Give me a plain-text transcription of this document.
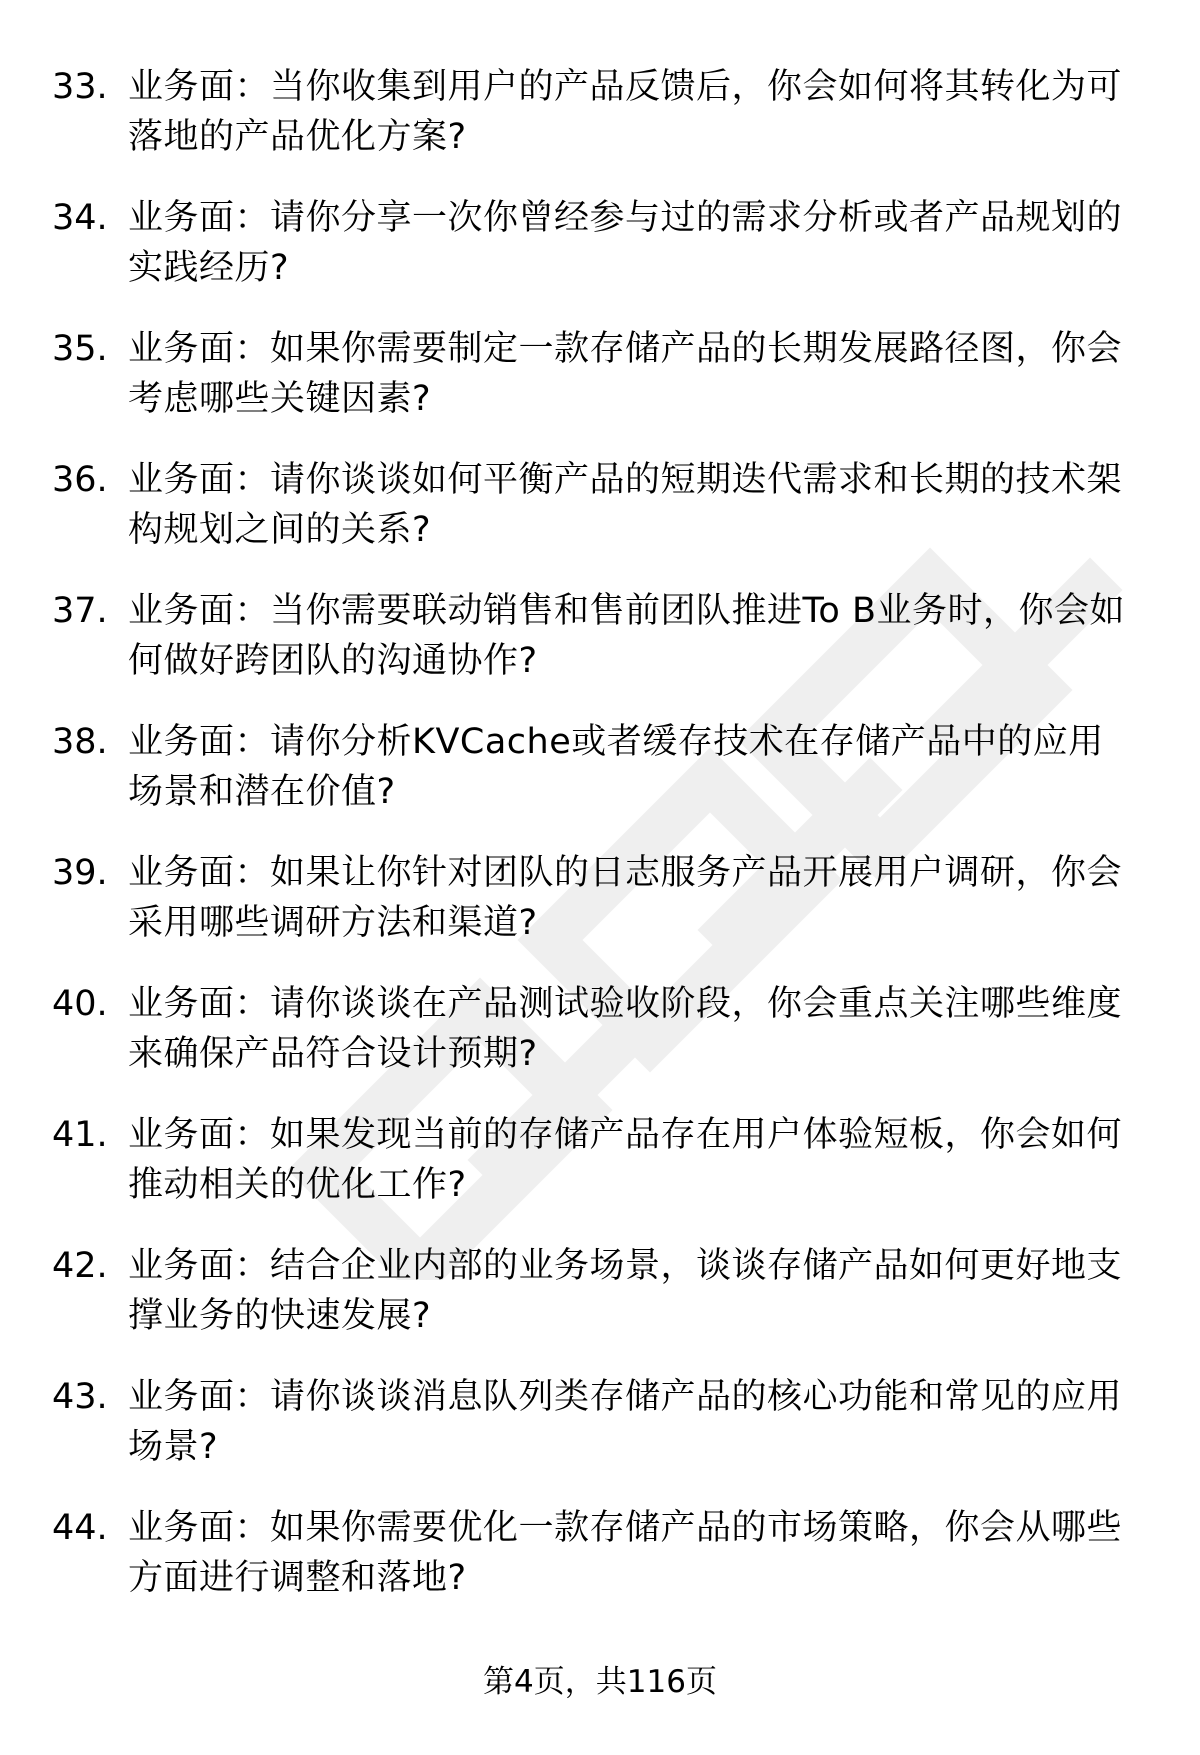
33. 业务面：当你收集到用户的产品反馈后，你会如何将其转化为可落地的产品优化方案?
34. 业务面：请你分享一次你曾经参与过的需求分析或者产品规划的实践经历?
35. 业务面：如果你需要制定一款存储产品的长期发展路径图，你会考虑哪些关键因素?
36. 业务面：请你谈谈如何平衡产品的短期迭代需求和长期的技术架构规划之间的关系?
37. 业务面：当你需要联动销售和售前团队推进To B业务时，你会如何做好跨团队的沟通协作?
38. 业务面：请你分析KVCache或者缓存技术在存储产品中的应用场景和潜在价值?
39. 业务面：如果让你针对团队的日志服务产品开展用户调研，你会采用哪些调研方法和渠道?
40. 业务面：请你谈谈在产品测试验收阶段，你会重点关注哪些维度来确保产品符合设计预期?
41. 业务面：如果发现当前的存储产品存在用户体验短板，你会如何推动相关的优化工作?
42. 业务面：结合企业内部的业务场景，谈谈存储产品如何更好地支撑业务的快速发展?
43. 业务面：请你谈谈消息队列类存储产品的核心功能和常见的应用场景?
44. 业务面：如果你需要优化一款存储产品的市场策略，你会从哪些方面进行调整和落地?
第4页，共116页
